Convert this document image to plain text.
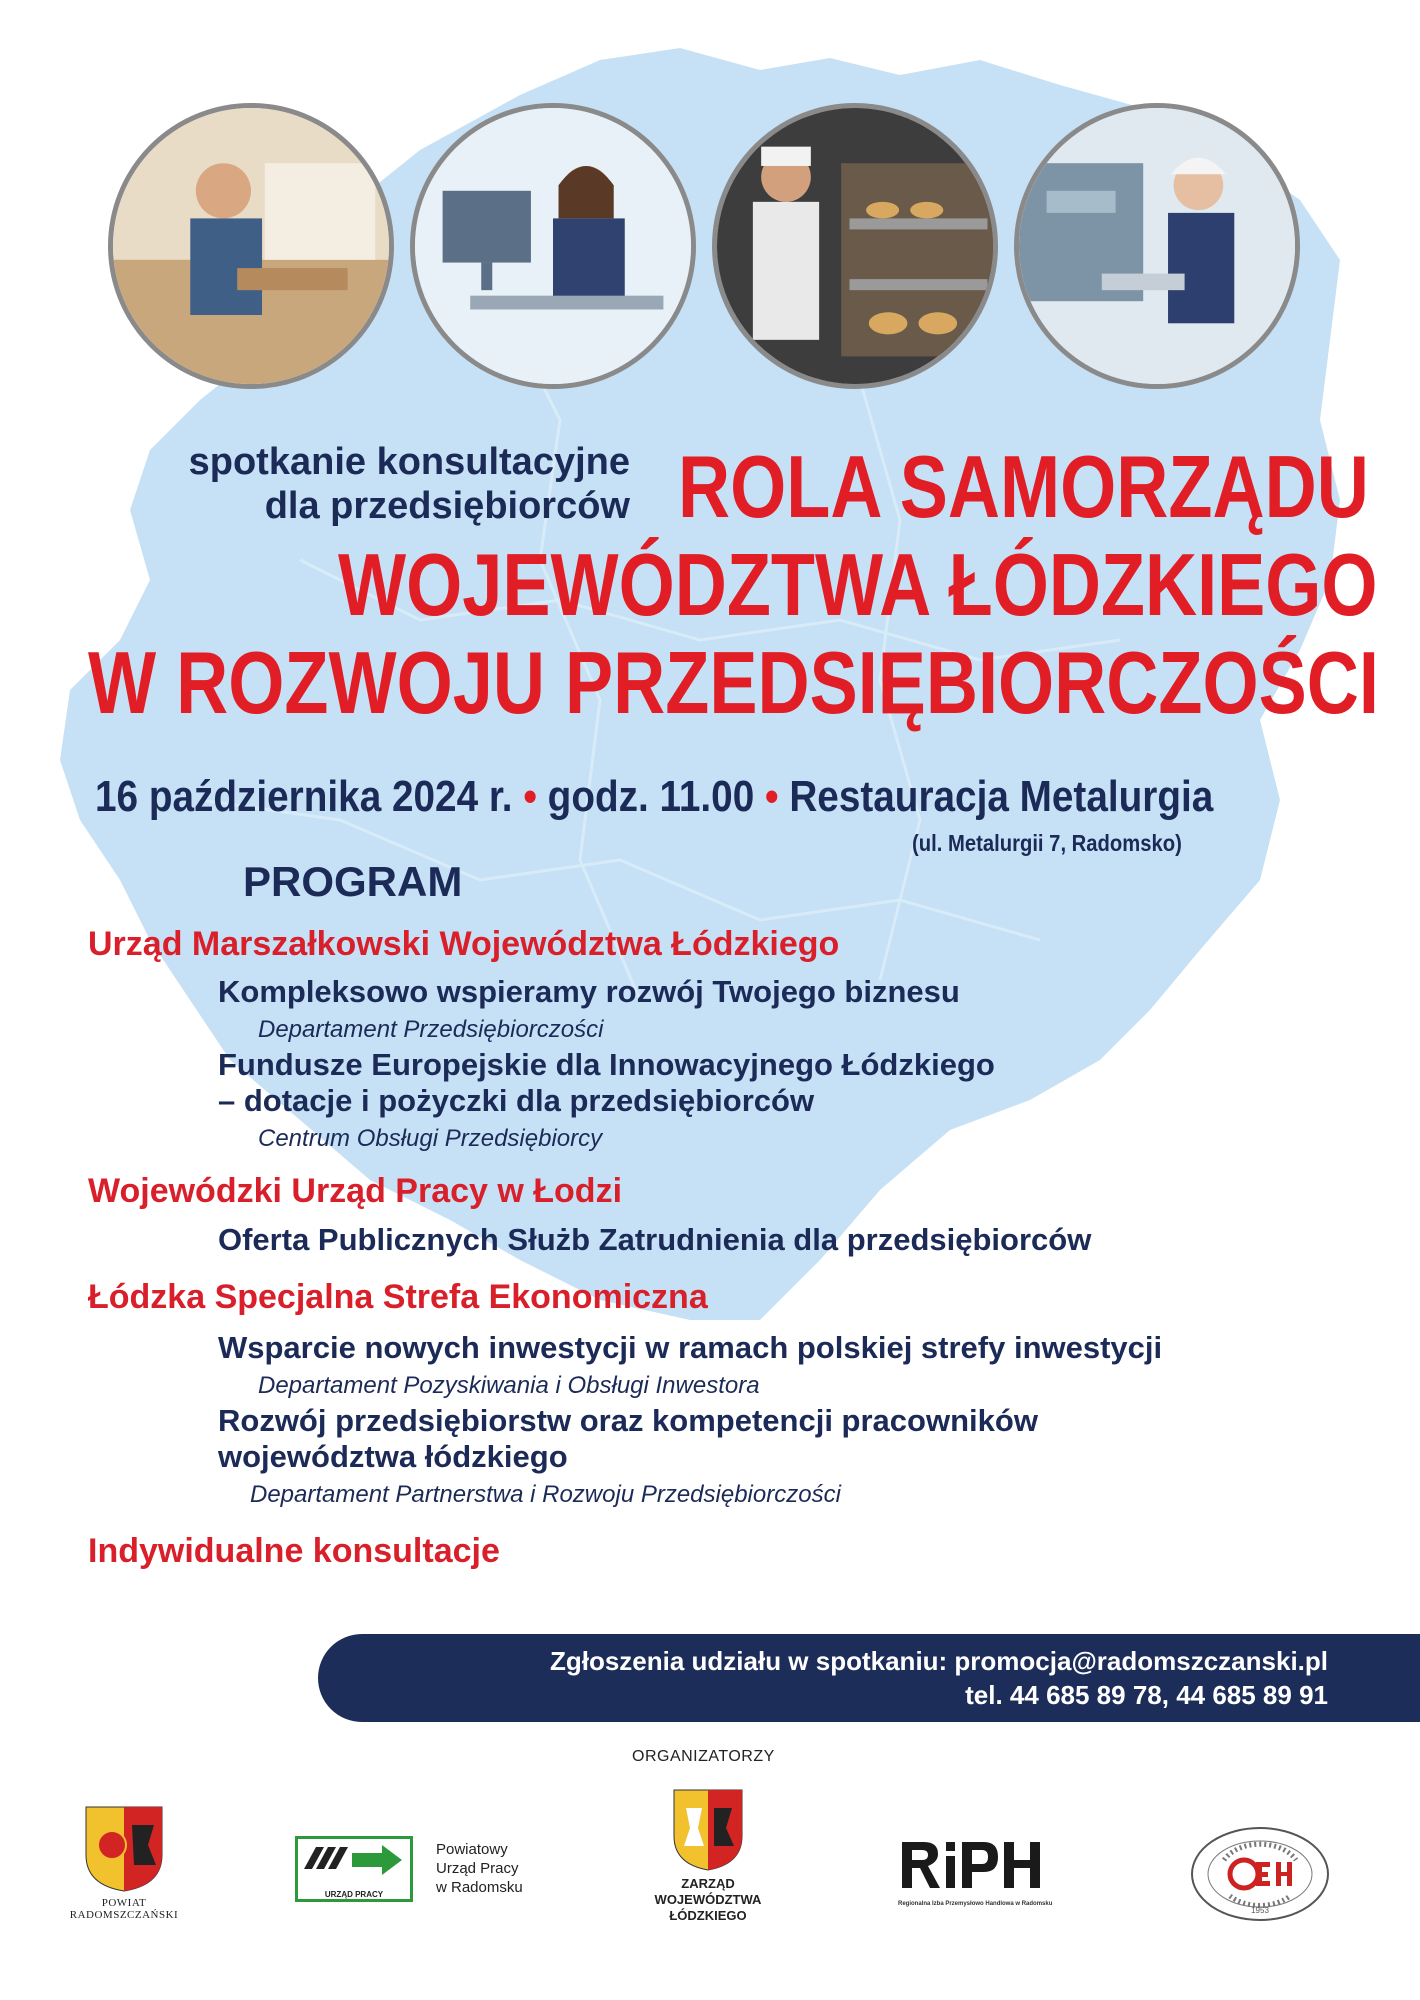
spotkanie konsultacyjne
dla przedsiębiorców ROLA SAMORZĄDU
WOJEWÓDZTWA ŁÓDZKIEGO
W ROZWOJU PRZEDSIĘBIORCZOŚCI
16 października 2024 r. • godz. 11.00 • Restauracja Metalurgia
(ul. Metalurgii 7, Radomsko)
PROGRAM
Urząd Marszałkowski Województwa Łódzkiego
Kompleksowo wspieramy rozwój Twojego biznesu
Departament Przedsiębiorczości
Fundusze Europejskie dla Innowacyjnego Łódzkiego
– dotacje i pożyczki dla przedsiębiorców
Centrum Obsługi Przedsiębiorcy
Wojewódzki Urząd Pracy w Łodzi
Oferta Publicznych Służb Zatrudnienia dla przedsiębiorców
Łódzka Specjalna Strefa Ekonomiczna
Wsparcie nowych inwestycji w ramach polskiej strefy inwestycji
Departament Pozyskiwania i Obsługi Inwestora
Rozwój przedsiębiorstw oraz kompetencji pracowników
województwa łódzkiego
Departament Partnerstwa i Rozwoju Przedsiębiorczości
Indywidualne konsultacje
Zgłoszenia udziału w spotkaniu: promocja@radomszczanski.pl
tel. 44 685 89 78, 44 685 89 91
ORGANIZATORZY
POWIAT
RADOMSZCZAŃSKI
URZĄD PRACY
Powiatowy
Urząd Pracy
w Radomsku	ZARZĄD
WOJEWÓDZTWA
ŁÓDZKIEGO
Regionalna Izba Przemysłowo Handlowa w Radomsku
1953
